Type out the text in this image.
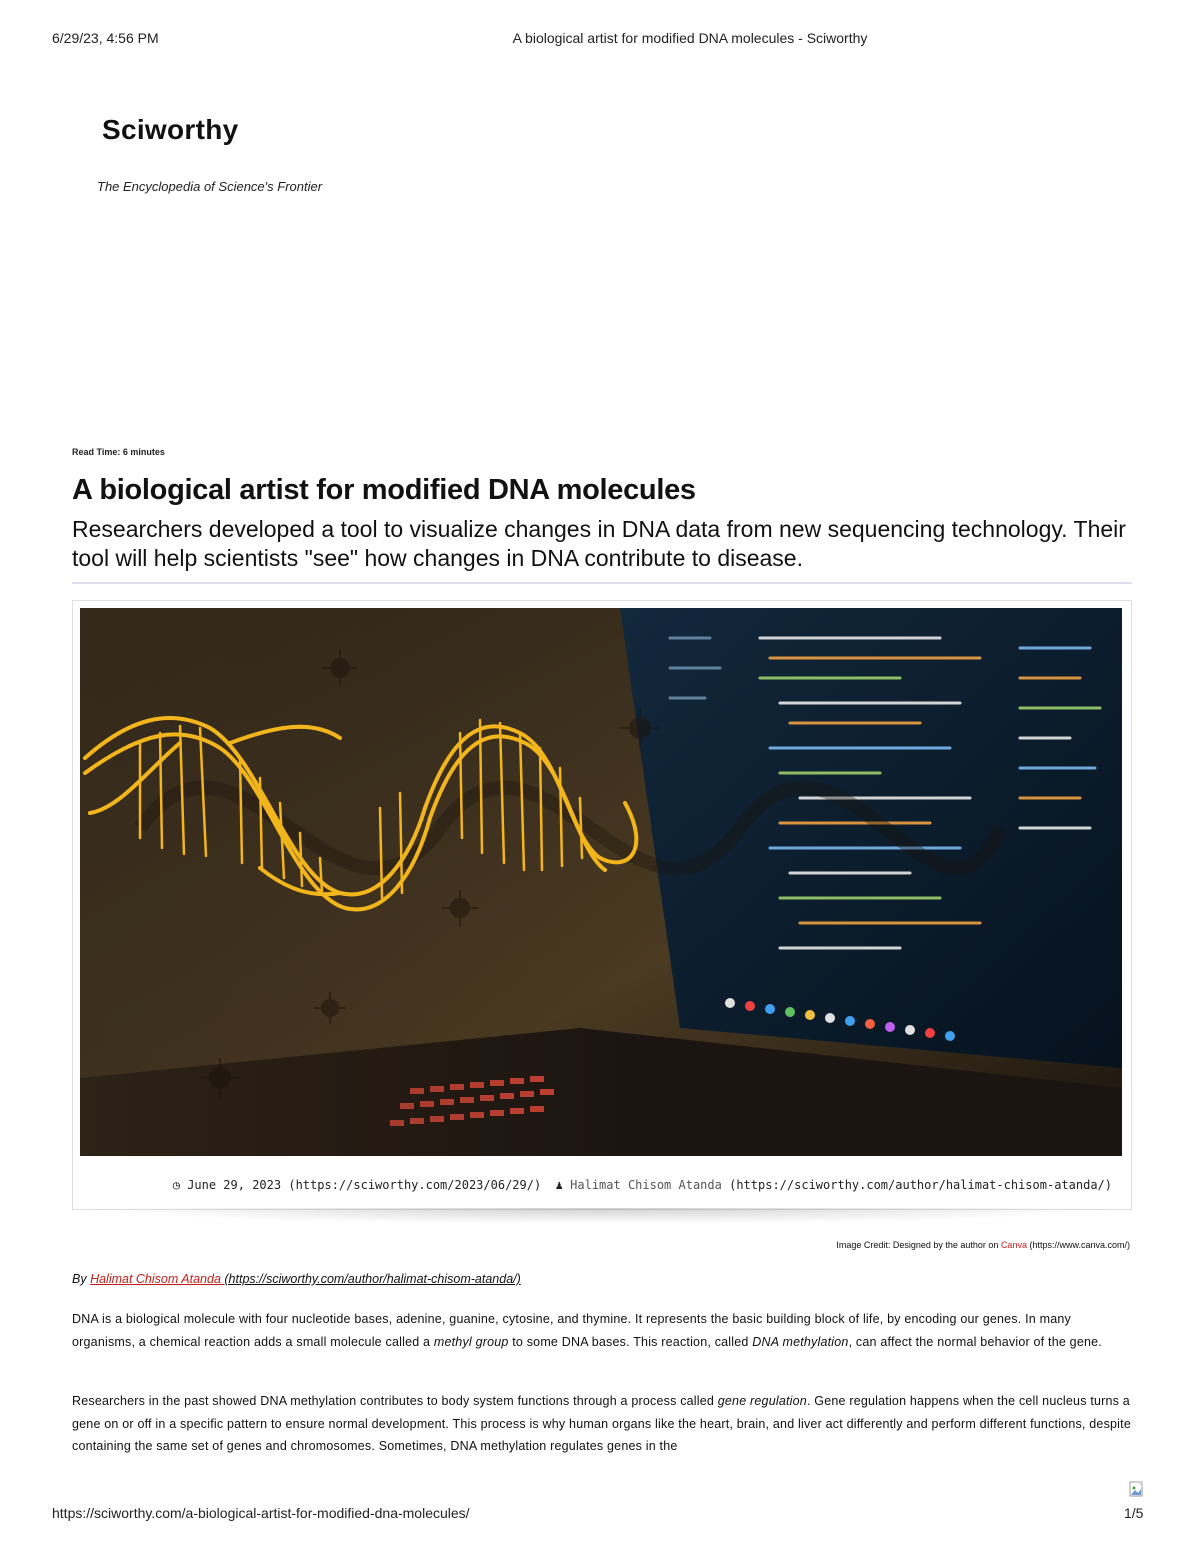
6/29/23, 4:56 PM	A biological artist for modified DNA molecules - Sciworthy
Sciworthy
The Encyclopedia of Science's Frontier
Read Time: 6 minutes
A biological artist for modified DNA molecules

Researchers developed a tool to visualize changes in DNA data from new sequencing technology. Their tool will help scientists "see" how changes in DNA contribute to disease.

◷ June 29, 2023 (https://sciworthy.com/2023/06/29/) ♟ Halimat Chisom Atanda (https://sciworthy.com/author/halimat-chisom-atanda/)
Image Credit: Designed by the author on Canva (https://www.canva.com/)
By Halimat Chisom Atanda (https://sciworthy.com/author/halimat-chisom-atanda/)

DNA is a biological molecule with four nucleotide bases, adenine, guanine, cytosine, and thymine. It represents the basic building block of life, by encoding our genes. In many organisms, a chemical reaction adds a small molecule called a methyl group to some DNA bases. This reaction, called DNA methylation, can affect the normal behavior of the gene.

Researchers in the past showed DNA methylation contributes to body system functions through a process called gene regulation. Gene regulation happens when the cell nucleus turns a gene on or off in a specific pattern to ensure normal development. This process is why human organs like the heart, brain, and liver act differently and perform different functions, despite containing the same set of genes and chromosomes. Sometimes, DNA methylation regulates genes in the

https://sciworthy.com/a-biological-artist-for-modified-dna-molecules/	1/5
